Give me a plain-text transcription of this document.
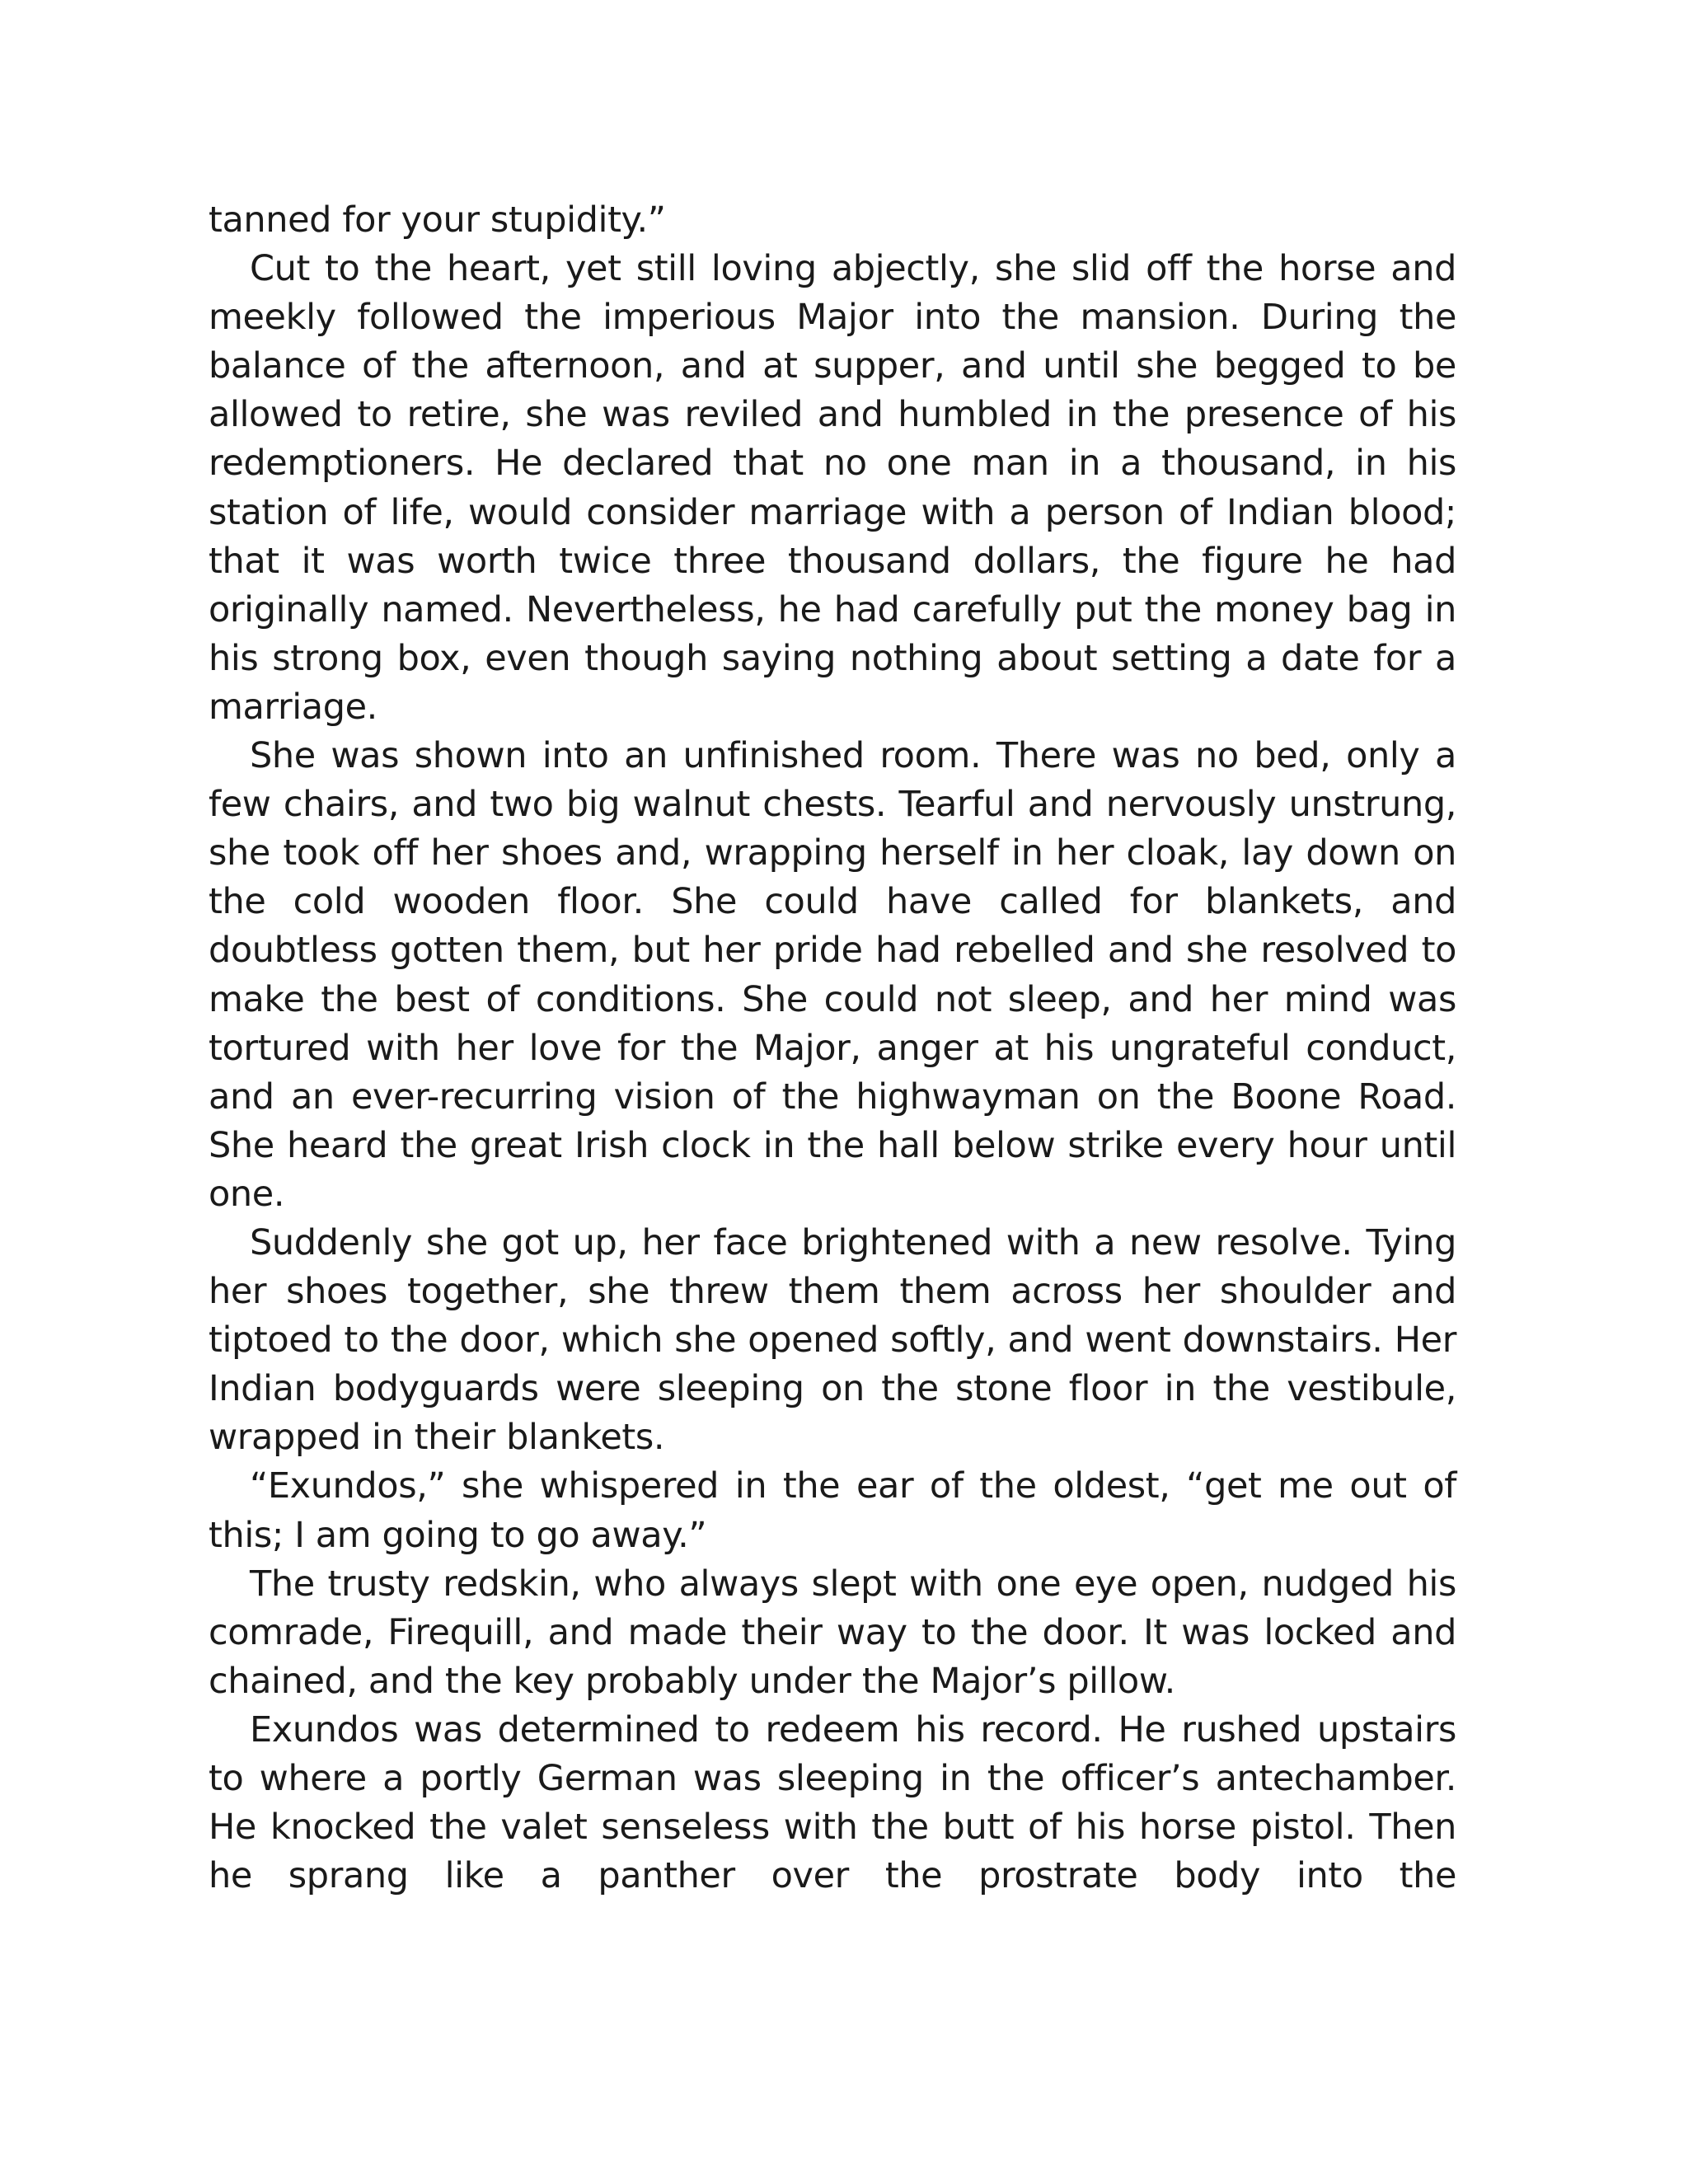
tanned for your stupidity.”

Cut to the heart, yet still loving abjectly, she slid off the horse and meekly followed the imperious Major into the mansion. During the balance of the afternoon, and at supper, and until she begged to be allowed to retire, she was reviled and humbled in the presence of his redemptioners. He declared that no one man in a thousand, in his station of life, would consider marriage with a person of Indian blood; that it was worth twice three thousand dollars, the figure he had originally named. Nevertheless, he had carefully put the money bag in his strong box, even though saying nothing about setting a date for a marriage.

She was shown into an unfinished room. There was no bed, only a few chairs, and two big walnut chests. Tearful and nervously unstrung, she took off her shoes and, wrapping herself in her cloak, lay down on the cold wooden floor. She could have called for blankets, and doubtless gotten them, but her pride had rebelled and she resolved to make the best of conditions. She could not sleep, and her mind was tortured with her love for the Major, anger at his ungrateful conduct, and an ever-recurring vision of the highwayman on the Boone Road. She heard the great Irish clock in the hall below strike every hour until one.

Suddenly she got up, her face brightened with a new resolve. Tying her shoes together, she threw them them across her shoulder and tiptoed to the door, which she opened softly, and went downstairs. Her Indian bodyguards were sleeping on the stone floor in the vestibule, wrapped in their blankets.

“Exundos,” she whispered in the ear of the oldest, “get me out of this; I am going to go away.”

The trusty redskin, who always slept with one eye open, nudged his comrade, Firequill, and made their way to the door. It was locked and chained, and the key probably under the Major’s pillow.

Exundos was determined to redeem his record. He rushed upstairs to where a portly German was sleeping in the officer’s antechamber. He knocked the valet senseless with the butt of his horse pistol. Then he sprang like a panther over the prostrate body into the
